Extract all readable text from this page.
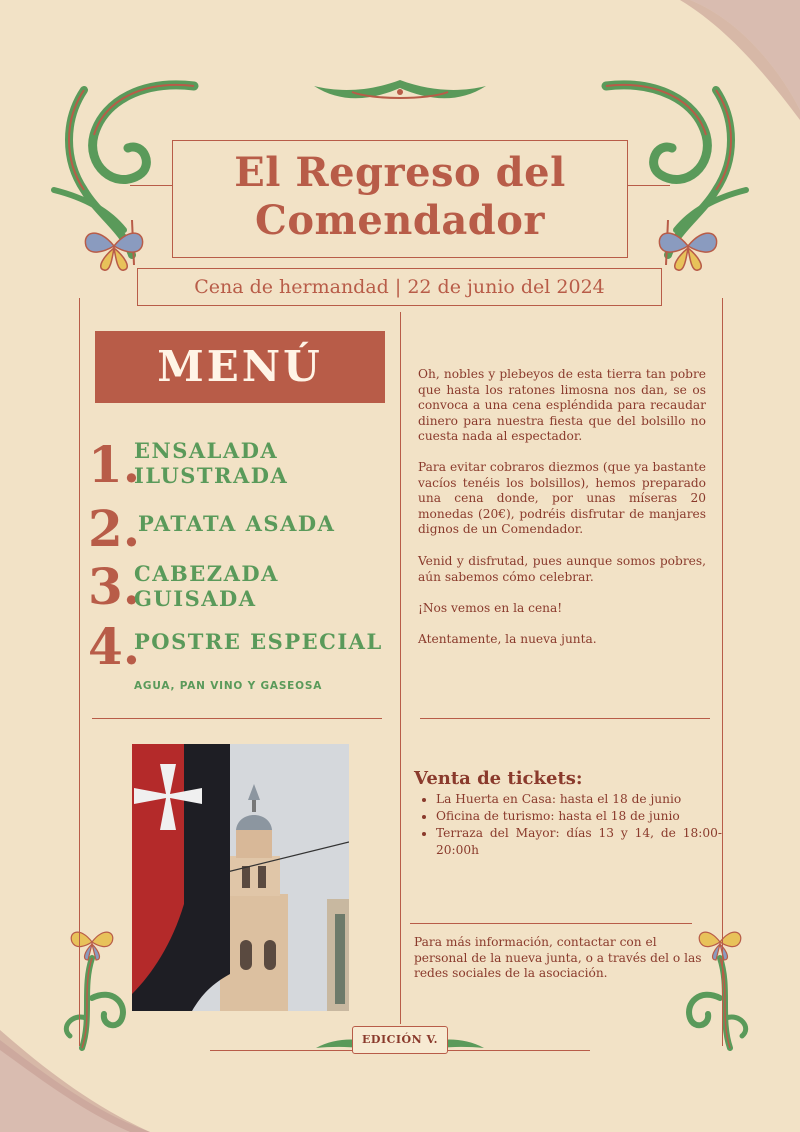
El Regreso del
Comendador
Cena de hermandad | 22 de junio del 2024
MENÚ
1.
ENSALADA
ILUSTRADA
2.
PATATA ASADA
3.
CABEZADA
GUISADA
4.
POSTRE ESPECIAL
AGUA, PAN VINO Y GASEOSA
Oh, nobles y plebeyos de esta tierra tan pobre que hasta los ratones limosna nos dan, se os convoca a una cena espléndida para recaudar dinero para nuestra fiesta que del bolsillo no cuesta nada al espectador.
Para evitar cobraros diezmos (que ya bastante vacíos tenéis los bolsillos), hemos preparado una cena donde, por unas míseras 20 monedas (20€), podréis disfrutar de manjares dignos de un Comendador.
Venid y disfrutad, pues aunque somos pobres, aún sabemos cómo celebrar.
¡Nos vemos en la cena!
Atentamente, la nueva junta.
Venta de tickets:
• La Huerta en Casa: hasta el 18 de junio
• Oficina de turismo: hasta el 18 de junio
• Terraza del Mayor: días 13 y 14, de 18:00-20:00h
Para más información, contactar con el personal de la nueva junta, o a través del o las redes sociales de la asociación.
EDICIÓN V.
